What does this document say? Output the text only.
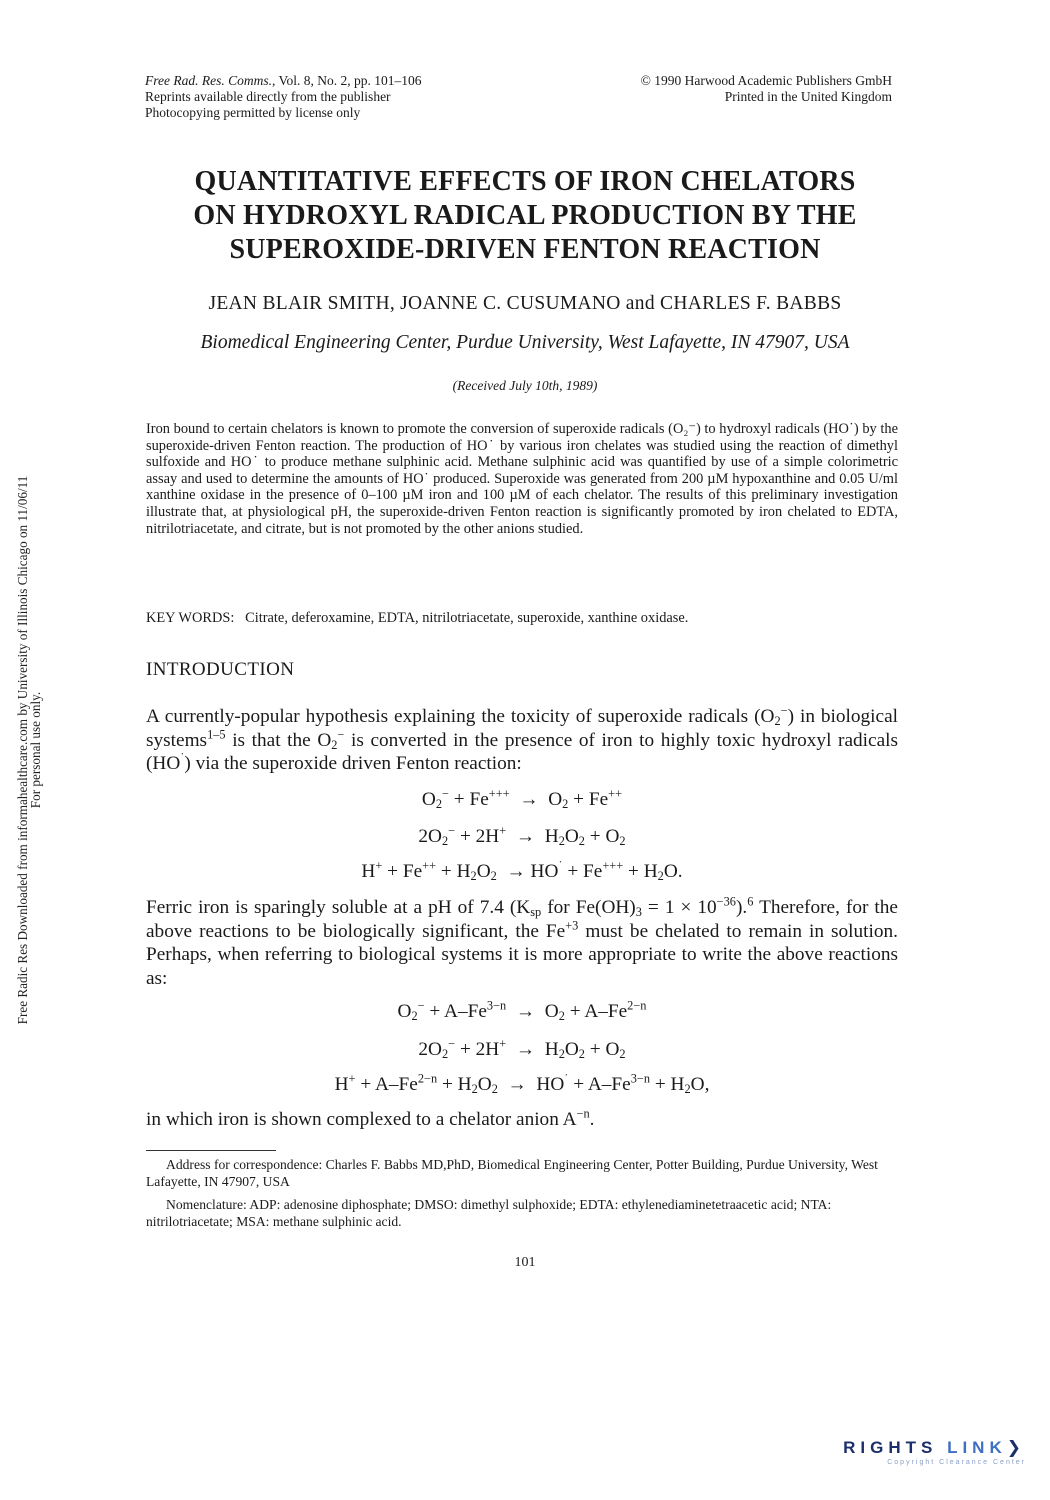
Free Rad. Res. Comms., Vol. 8, No. 2, pp. 101–106
Reprints available directly from the publisher
Photocopying permitted by license only
© 1990 Harwood Academic Publishers GmbH
Printed in the United Kingdom
QUANTITATIVE EFFECTS OF IRON CHELATORS
ON HYDROXYL RADICAL PRODUCTION BY THE
SUPEROXIDE-DRIVEN FENTON REACTION
JEAN BLAIR SMITH, JOANNE C. CUSUMANO and CHARLES F. BABBS
Biomedical Engineering Center, Purdue University, West Lafayette, IN 47907, USA
(Received July 10th, 1989)
Iron bound to certain chelators is known to promote the conversion of superoxide radicals (O₂⁻) to hydroxyl radicals (HO˙) by the superoxide-driven Fenton reaction. The production of HO˙ by various iron chelates was studied using the reaction of dimethyl sulfoxide and HO˙ to produce methane sulphinic acid. Methane sulphinic acid was quantified by use of a simple colorimetric assay and used to determine the amounts of HO˙ produced. Superoxide was generated from 200 µM hypoxanthine and 0.05 U/ml xanthine oxidase in the presence of 0–100 µM iron and 100 µM of each chelator. The results of this preliminary investigation illustrate that, at physiological pH, the superoxide-driven Fenton reaction is significantly promoted by iron chelated to EDTA, nitrilotriacetate, and citrate, but is not promoted by the other anions studied.
KEY WORDS: Citrate, deferoxamine, EDTA, nitrilotriacetate, superoxide, xanthine oxidase.
INTRODUCTION
A currently-popular hypothesis explaining the toxicity of superoxide radicals $(O_2^-)$ in biological systems$^{1-5}$ is that the $O_2^-$ is converted in the presence of iron to highly toxic hydroxyl radicals (HO˙) via the superoxide driven Fenton reaction:
$O_2^- + Fe^{+++} \to O_2 + Fe^{++}$
$2O_2^- + 2H^+ \to H_2O_2 + O_2$
$H^+ + Fe^{++} + H_2O_2 \to HO^˙ + Fe^{+++} + H_2O$.
Ferric iron is sparingly soluble at a pH of 7.4 ($K_{sp}$ for $Fe(OH)_3 = 1 \times 10^{-36}).^6$ Therefore, for the above reactions to be biologically significant, the $Fe^{+3}$ must be chelated to remain in solution. Perhaps, when referring to biological systems it is more appropriate to write the above reactions as:
$O_2^- + A-Fe^{3-n} \to O_2 + A-Fe^{2-n}$
$2O_2^- + 2H^+ \to H_2O_2 + O_2$
$H^+ + A-Fe^{2-n} + H_2O_2 \to HO^˙ + A-Fe^{3-n} + H_2O$,
in which iron is shown complexed to a chelator anion $A^{-n}$.
Address for correspondence: Charles F. Babbs MD,PhD, Biomedical Engineering Center, Potter Building, Purdue University, West Lafayette, IN 47907, USA
Nomenclature: ADP: adenosine diphosphate; DMSO: dimethyl sulphoxide; EDTA: ethylenediaminetetraacetic acid; NTA: nitrilotriacetate; MSA: methane sulphinic acid.
101
Free Radic Res Downloaded from informahealthcare.com by University of Illinois Chicago on 11/06/11
For personal use only.
RIGHTS LINK❯
Copyright Clearance Center
